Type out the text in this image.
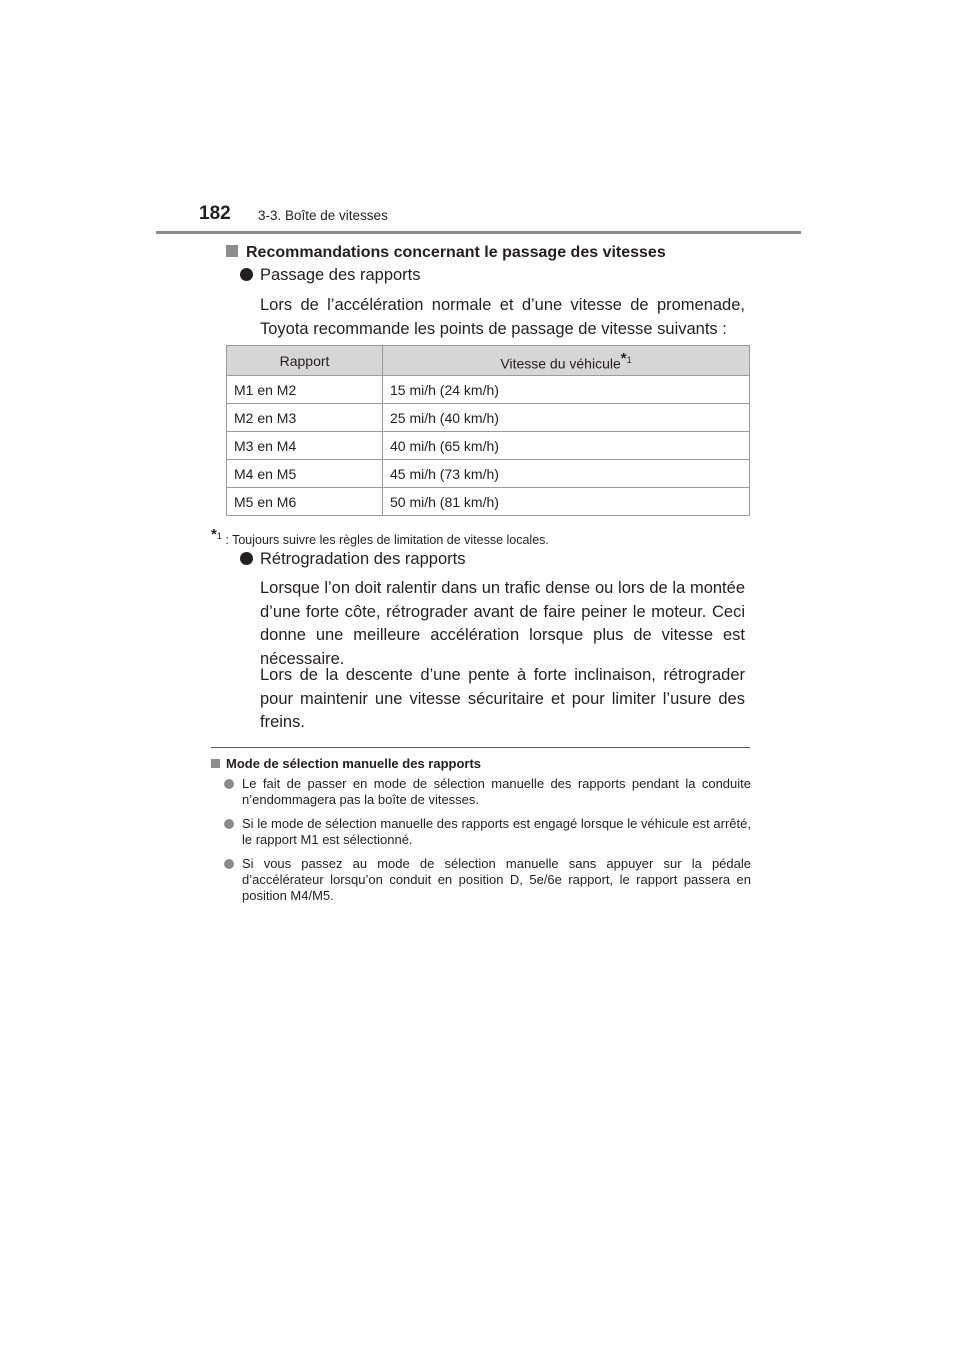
182 3-3. Boîte de vitesses
Recommandations concernant le passage des vitesses
Passage des rapports
Lors de l’accélération normale et d’une vitesse de promenade, Toyota recommande les points de passage de vitesse suivants :
Rapport	Vitesse du véhicule$^{*1}$
M1 en M2	15 mi/h (24 km/h)
M2 en M3	25 mi/h (40 km/h)
M3 en M4	40 mi/h (65 km/h)
M4 en M5	45 mi/h (73 km/h)
M5 en M6	50 mi/h (81 km/h)
$^{*1}$ : Toujours suivre les règles de limitation de vitesse locales.
Rétrogradation des rapports
Lorsque l’on doit ralentir dans un trafic dense ou lors de la montée d’une forte côte, rétrograder avant de faire peiner le moteur. Ceci donne une meilleure accélération lorsque plus de vitesse est nécessaire.
Lors de la descente d’une pente à forte inclinaison, rétrograder pour maintenir une vitesse sécuritaire et pour limiter l’usure des freins.
Mode de sélection manuelle des rapports
Le fait de passer en mode de sélection manuelle des rapports pendant la conduite n’endommagera pas la boîte de vitesses.
Si le mode de sélection manuelle des rapports est engagé lorsque le véhicule est arrêté, le rapport M1 est sélectionné.
Si vous passez au mode de sélection manuelle sans appuyer sur la pédale d’accélérateur lorsqu’on conduit en position D, 5e/6e rapport, le rapport passera en position M4/M5.
